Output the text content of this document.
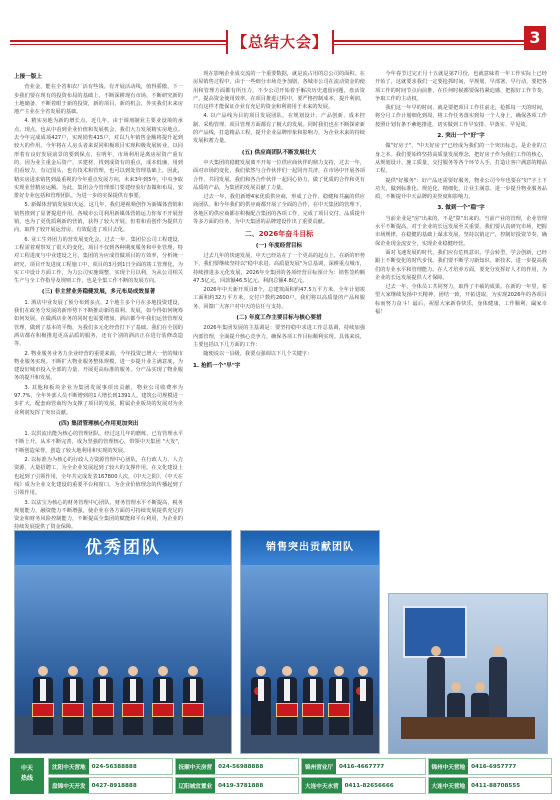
【总结大会】	3
上接一版上

营业金，能在全省和农厂活有些钱。有开展活动线，值得骄傲，下一步我们要在现有的投资布局的基础上，不断深耕现有市场，不断研究新的土地储备，不断着眼于新的投资，新的项目，新的机会，外实我们未来房地产主业在全省发展的基础。

4. 精实房地为新的增长点。近几年，由于调剂制业主要业设境的承点，现点，也从中看到企业价值和发展机会，我们大力发展精实房地点。去今年完成成项427户，实现销售415户，对以九年销售金额将提升起到较大的作用。今年将在人房头者来说同积极项目实现积极发展转业，以同形着有良好发展前景的要到保点，在明年，市场利用是离房屋资产重有的，因为业主重金后资产，买建材，找到成资有的重点，成本低廉，用到们看较力，有记国头，也有技术和管理，也可以到处管理基础上，因此，精实房进求销售到最重视的今年重点发展方向，未来3年到5年，中央争取实现业营精房运额。为此，集团会今管理部门要建经验好表做和布局，安排好专业包括和管理团队，为进一步的实保提供有事要。

5. 新媒体营销发展如火运。这几年，我们迎视频创作为新媒体营销和销售推到了显著提进作用，各城市公司利用新媒体营销运力你布不开展营销，也为了更优质利新的营销，获得了较大开展。但着和看创作为提供方向，取得了较开展运营房，有效促进了项目去化。

6. 业工生外团力的营发展变化会。过去一年，集团位公司工程建设，工程需着观察发了很大的变化，项目不仅到各种期度服务和中业管理，特对工程进度与中业建设之月，集团的为应成管做项目的方效率，分析统一研究，项目开发进度工程施工中，项目的3月到1日全面的竣工管理化，为实工中设计方面工作，为力公司实施调整、实现个月以利，为从公司相关生产与全工作指导及规则工作，也是全集工作不断的发展方向。

(三) 非主营业务稳健发展，多元布局成效显著

1. 酒店中业发展了预分布到多点，2个地主多个月在多地投资建设，我们在政务分发展的新形势下不断推动新的盈利、发展，如今得如何统筹如何发展，在做酒店业务的同时也需要增加，酒店都今年我们运营管理及管理，做到了基本的平衡，为我们多元化经营打下了基础。我们在全国的酒店都在积极推进更高品质的服务，还有个别的酒店正在进行装修改造等。

2. 物业服务业务力企业经营的重要来源，今年投资已增大一倍的城市物业服务实现。不断扩大物业服务整体规模，进一步提升业主满意度，为建设好城市投入全部的力量，开展更高标准的服务，分产品实现了物业服务的提升和发展。

3. 其他和板块企业为集团发展事项出贡献，物业公司收费率为97.7%，全年外部人员不断增到的1人增长到1391人。建筑公司规模进一步扩大，配套商管商均为支撑了项目的发展，附属企业板块的发展对为企业利润发挥了突出贡献。

(四) 集团管理核心作用更加突出

1. 以洪流出能为核心的管理团队，经过这几年的磨练，已有管理水平不断上升，从本不断完善，成为坚强的管理核心，带领中天集团 "大发"，不断创造荣誉，创造了较大地利用和实现的发展。

2. 以标准为为核心的行政人力资源管理中心团队，在行政人力、人力资源，大量招聘工，为全企业发展起到了较大的支撑作用。在文化建设上也起到了引领作用，全年共完成发表167800人次，《中天之阳》、《中天在线》成为全业文化建设的重要平台和窗口，为企业价值理念的传播起到了引领作用。

3. 以法宝为核心的财务管理中心团队，财务管理水平不断提高，税务规划能力，融资能力不断增强，使企业在各方面的可持续发展提供充足的资金和财务风险控制能力，不断提高全集团的赋能和平台利用，为企业的持续发展提供了资金保障。

现在影响企业成交流的一个重要数据，就是流占用的总公司的面积。在房屋销售过程中，由于一些细分市场竞争加剧，各城市公司在流动资金的使用和管理方面都有所压力。不少公司开始着手解决历史遗留问题，盘活资产，提高资金使用效率。在项目推进过程中，要严格控制成本，提升利润，只有这样才能保证企业有充足的资金和利润用于未来的发展。

4. 以产品线为目的项目发展团队，在规划设计、产品创新、成本控制、采购管理、项目管理方面都有了极大的发展。同时我们也在不断探索新的产品线，打造精品工程，提升企业品牌形象和影响力，为企业未来的持续发展积蓄力量。

(五) 供应商团队不断发展壮大

中天集团的稳健发展离不开每一位供应商伙伴的鼎力支持，过去一年，面对市场的变化，我们依然与合作伙伴们一起同舟共济，在市场中开展各项合作、共同发展。我们和各合作伙伴一起同心协力，做了优质的合作和更有品质的产品，为集团的发展贡献了力量。

过去一年，我们新增4家优质供应商，形成了合作、稳健和共赢的供应商团队。和今年我们的供应商都开展了全面的合作，在中天集团的管理下，各地区的供应商都在积极配合集团的各项工作，完成了项目交付、品质提升等多方面的任务，为中天集团的品牌建设作出了重要贡献。

二、2026年奋斗目标
(一) 年度经营目标

过去几年的快速发展，中天已经站在了一个更高的起点上，在新的形势下，我们要继续坚持以"稳中求进、高质量发展"为总基调，深耕重点城市，持续推进多元化发展，2026年全集团的各项经营目标预计为：销售签约额47.5亿元，回款额46.5亿元，利润总额4.8亿元。

2026年中天新开项目8个，总建筑面积约47.5万平方米，全年计划竣工面积约32万平方米，交付户数约2600户。我们将以高质量的产品和服务，回馈广大客户对中天的信任与支持。

(二) 年度工作主要目标与核心要措

2026年集团发展的主基调是：要坚持稳中求进工作总基调，持续加强内部管理，全面提升核心竞争力，确保各项工作目标顺利实现。具体来说，主要包括以下几方面的工作：

随便说以一县级，我要点强调以下几个关键字：

1. 抢抓一个"早"字

今年春节过完正月十五就是第7月份，也就意味着一年工作实际上已经开始了，这就要求我们一定要抢抓时间，早规划、早部署、早行动，要把各项工作的时间节点向前推，在任何时候都要保持紧迫感，把握好工作节奏，争取工作的主动权。

我们这一年早的时间，就是要把项目工作往前走，抢抓每一天的时间，将分月工作计划细化到周，将工作任务落实到每一个人身上，确保各项工作按照计划有条不紊地推进，切实做到工作早安排、早落实、早见效。

2. 突出一个"好"字

做"好房子"，"中天好房子"已经成为我们的一个突出标志，是企业的立身之本。我们要始终坚持高质量发展理念，把好房子作为我们工作的核心，从规划设计、施工质量、交付服务等各个环节入手，打造让客户满意的精品工程。

提供"好服务"：好产品还需要好服务，物业公司今年也要在"好"字上下功夫，做到标准化、规范化、精细化，让业主满意。进一步提升物业服务品质，不断提升中天品牌的美誉度和影响力。

3. 做到一个"稳"字

当前企业是"房"出来的，不是"算"出来的。当前产业的管理，企业管理水平不断提高，对于企业的长远发展至关重要。我们要认真研究市场，把握市场规律，在稳健的基础上谋求发展，坚持以销定产，控制好投资节奏，确保企业现金流安全，实现企业稳健经营。

面对飞速发展的时代，我们应有危机意识，学会转型，学会创新，已经跟上不断变化的时代步伐。我们要不断学习新知识、新技术，进一步提高我们的专业水平和管理能力。在人才培养方面，要充分发挥好人才的作用，为企业的长远发展提供人才保障。

过去一年，全体员工共同努力，取得了丰硕的成果。在新的一年里，希望大家继续发扬中天精神，团结一致，开拓进取，为实现2026年的各项目标而努力奋斗！最后，祝愿大家新春快乐，身体健康，工作顺利，阖家幸福！

优秀团队	销售突出贡献团队
中天
热线
沈阳中天营地	024-56388888	抚顺中天房营	024-56988888	锦州营业厅	0416-4667777	锦州中天营地	0416-6957777
盘锦中天开发	0427-8918888	辽阳城宜置业	0419-3781888	大连中天水营	0411-82656666	大连中天营地	0411-88708555
